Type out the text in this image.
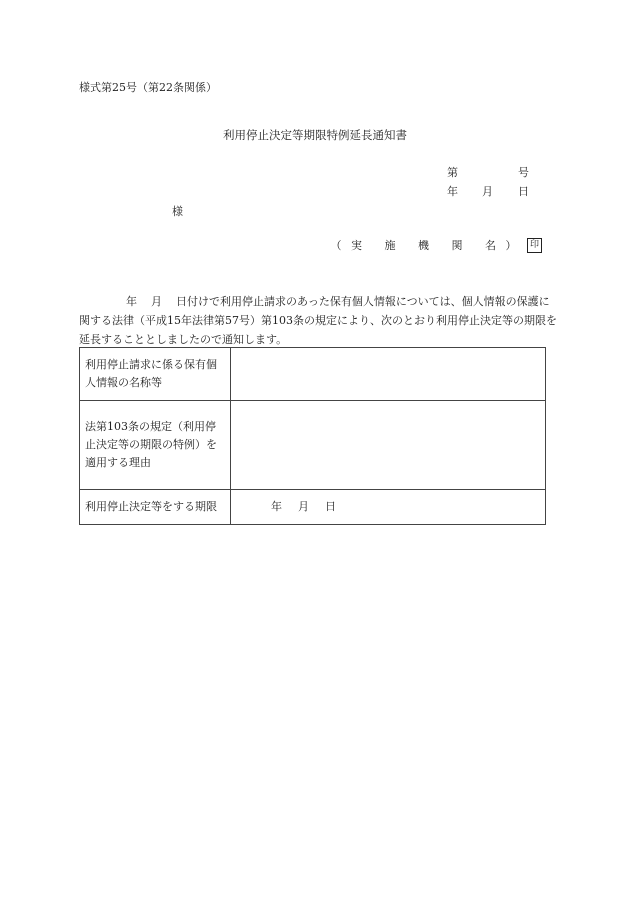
様式第25号（第22条関係）
利用停止決定等期限特例延長通知書
第	号
年 月 日
様
（実 施 機 関 名） 印
年 月 日付けで利用停止請求のあった保有個人情報については、個人情報の保護に関する法律（平成15年法律第57号）第103条の規定により、次のとおり利用停止決定等の期限を延長することとしましたので通知します。
利用停止請求に係る保有個人情報の名称等	
法第103条の規定（利用停止決定等の期限の特例）を適用する理由	
利用停止決定等をする期限	年 月 日
